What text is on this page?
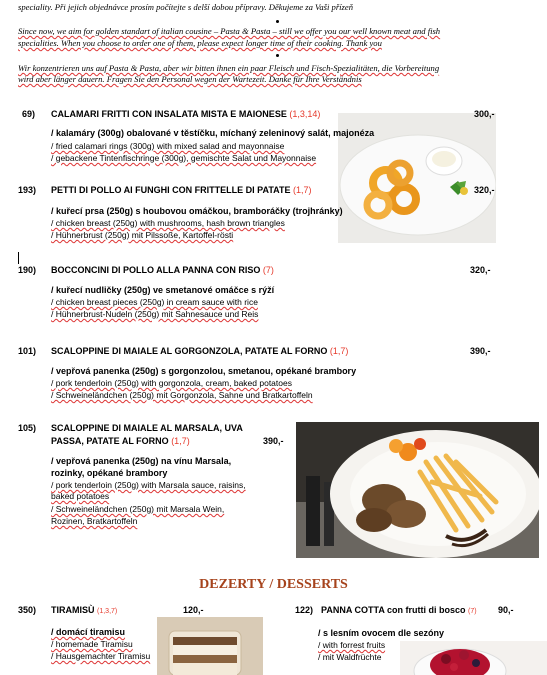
speciality. Při jejich objednávce prosím počítejte s delší dobou přípravy. Děkujeme za Vaši přízeň
Since now, we aim for golden standart of italian cousine – Pasta & Pasta – still we offer you our well known meat and fish
specialities. When you choose to order one of them, please expect longer time of their cooking. Thank you
Wir konzentrieren uns auf Pasta & Pasta, aber wir bitten ihnen ein paar Fleisch und Fisch-Spezialitäten, die Vorbereitung
wird aber länger dauern. Fragen Sie den Personal wegen der Wartezeit. Danke für Ihre Verständnis
69) CALAMARI FRITTI CON INSALATA MISTA E MAIONESE (1,3,14)	300,-
/ kalamáry (300g) obalované v těstíčku, míchaný zeleninový salát, majonéza
/ fried calamari rings (300g) with mixed salad and mayonnaise
/ gebackene Tintenfischringe (300g), gemischte Salat und Mayonnaise
193) PETTI DI POLLO AI FUNGHI CON FRITTELLE DI PATATE (1,7)	320,-
/ kuřecí prsa (250g) s houbovou omáčkou, bramboráčky (trojhránky)
/ chicken breast (250g) with mushrooms, hash brown triangles
/ Hühnerbrust (250g) mit Pilssoße, Kartoffel-rösti
190) BOCCONCINI DI POLLO ALLA PANNA CON RISO (7)	320,-
/ kuřecí nudličky (250g) ve smetanové omáčce s rýží
/ chicken breast pieces (250g) in cream sauce with rice
/ Hühnerbrust-Nudeln (250g) mit Sahnesauce und Reis
101) SCALOPPINE DI MAIALE AL GORGONZOLA, PATATE AL FORNO (1,7)	390,-
/ vepřová panenka (250g) s gorgonzolou, smetanou, opékané brambory
/ pork tenderloin (250g) with gorgonzola, cream, baked potatoes
/ Schweineländchen (250g) mit Gorgonzola, Sahne und Bratkartoffeln
105) SCALOPPINE DI MAIALE AL MARSALA, UVA
PASSA, PATATE AL FORNO (1,7)	390,-
/ vepřová panenka (250g) na vínu Marsala,
rozinky, opékané brambory
/ pork tenderloin (250g) with Marsala sauce, raisins,
baked potatoes
/ Schweineländchen (250g) mit Marsala Wein,
Rozinen, Bratkartoffeln
DEZERTY / DESSERTS
350) TIRAMISÙ (1,3,7)	120,-
/ domácí tiramisu
/ homemade Tiramisu
/ Hausgemachter Tiramisu
122) PANNA COTTA con frutti di bosco (7) 90,-
/ s lesním ovocem dle sezóny
/ with forrest fruits
/ mit Waldfrüchte
